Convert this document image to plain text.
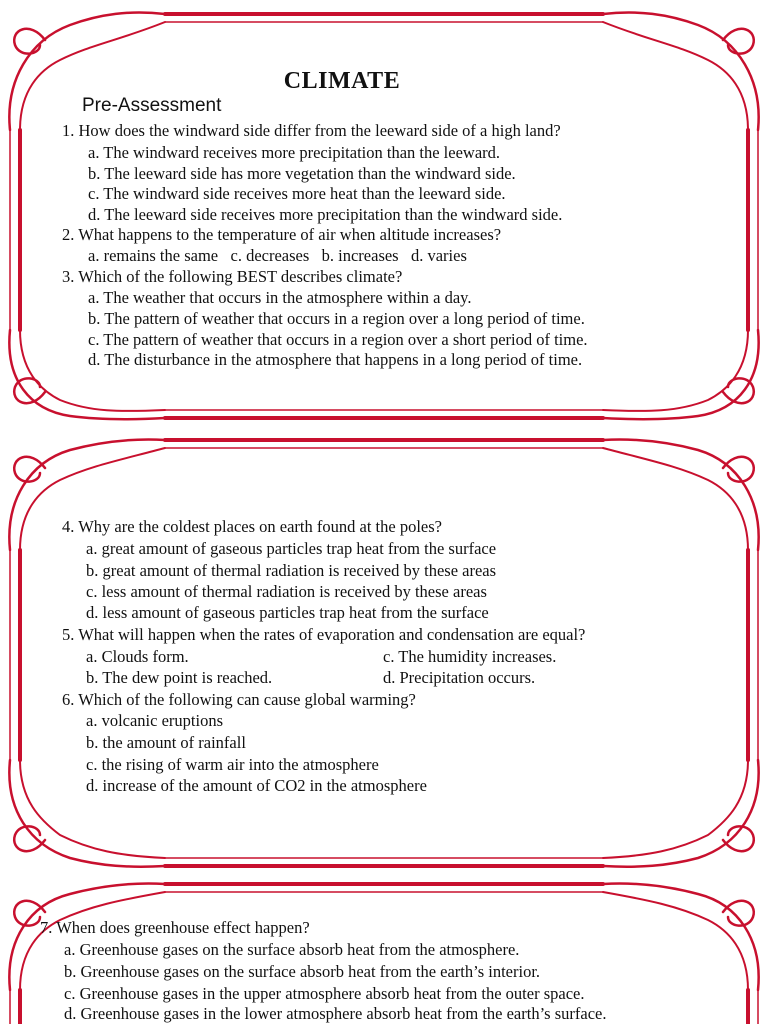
CLIMATE
Pre-Assessment
1. How does the windward side differ from the leeward side of a high land?
a. The windward receives more precipitation than the leeward.
b. The leeward side has more vegetation than the windward side.
c. The windward side receives more heat than the leeward side.
d. The leeward side receives more precipitation than the windward side.
2. What happens to the temperature of air when altitude increases?
a. remains the same   c. decreases   b. increases   d. varies
3. Which of the following BEST describes climate?
a. The weather that occurs in the atmosphere within a day.
b. The pattern of weather that occurs in a region over a long period of time.
c. The pattern of weather that occurs in a region over a short period of time.
d. The disturbance in the atmosphere that happens in a long period of time.
4. Why are the coldest places on earth found at the poles?
a. great amount of gaseous particles trap heat from the surface
b. great amount of thermal radiation is received by these areas
c. less amount of thermal radiation is received by these areas
d. less amount of gaseous particles trap heat from the surface
5. What will happen when the rates of evaporation and condensation are equal?
a. Clouds form.	c. The humidity increases.
b. The dew point is reached.	d. Precipitation occurs.
6. Which of the following can cause global warming?
a. volcanic eruptions
b. the amount of rainfall
c. the rising of warm air into the atmosphere
d. increase of the amount of CO2 in the atmosphere
7. When does greenhouse effect happen?
a. Greenhouse gases on the surface absorb heat from the atmosphere.
b. Greenhouse gases on the surface absorb heat from the earth’s interior.
c. Greenhouse gases in the upper atmosphere absorb heat from the outer space.
d. Greenhouse gases in the lower atmosphere absorb heat from the earth’s surface.
